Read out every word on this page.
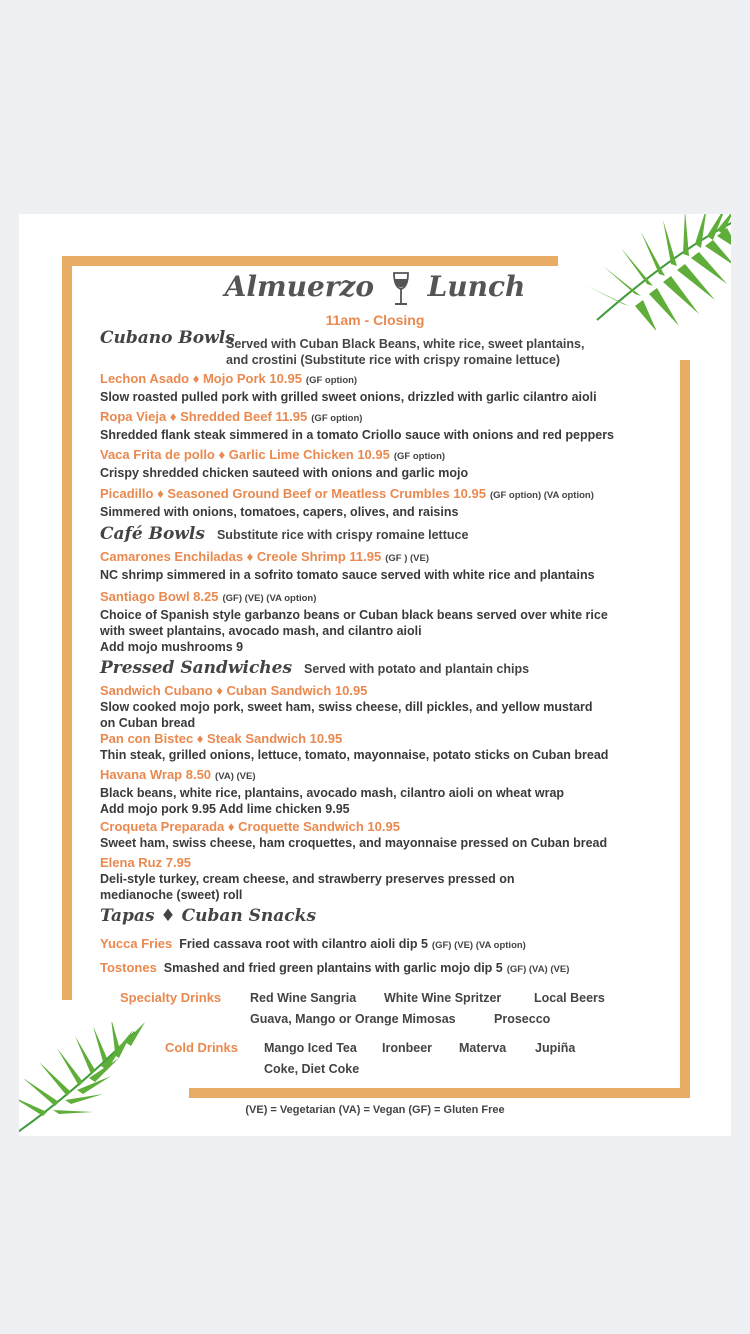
Almuerzo Lunch
11am - Closing
Cubano Bowls
Served with Cuban Black Beans, white rice, sweet plantains,
and crostini (Substitute rice with crispy romaine lettuce)
Lechon Asado ♦ Mojo Pork 10.95 (GF option)
Slow roasted pulled pork with grilled sweet onions, drizzled with garlic cilantro aioli
Ropa Vieja ♦ Shredded Beef 11.95 (GF option)
Shredded flank steak simmered in a tomato Criollo sauce with onions and red peppers
Vaca Frita de pollo ♦ Garlic Lime Chicken 10.95 (GF option)
Crispy shredded chicken sauteed with onions and garlic mojo
Picadillo ♦ Seasoned Ground Beef or Meatless Crumbles 10.95 (GF option) (VA option)
Simmered with onions, tomatoes, capers, olives, and raisins
Café Bowls Substitute rice with crispy romaine lettuce
Camarones Enchiladas ♦ Creole Shrimp 11.95 (GF ) (VE)
NC shrimp simmered in a sofrito tomato sauce served with white rice and plantains
Santiago Bowl 8.25 (GF) (VE) (VA option)
Choice of Spanish style garbanzo beans or Cuban black beans served over white rice
with sweet plantains, avocado mash, and cilantro aioli
Add mojo mushrooms 9
Pressed Sandwiches Served with potato and plantain chips
Sandwich Cubano ♦ Cuban Sandwich 10.95
Slow cooked mojo pork, sweet ham, swiss cheese, dill pickles, and yellow mustard
on Cuban bread
Pan con Bistec ♦ Steak Sandwich 10.95
Thin steak, grilled onions, lettuce, tomato, mayonnaise, potato sticks on Cuban bread
Havana Wrap 8.50 (VA) (VE)
Black beans, white rice, plantains, avocado mash, cilantro aioli on wheat wrap
Add mojo pork 9.95 Add lime chicken 9.95
Croqueta Preparada ♦ Croquette Sandwich 10.95
Sweet ham, swiss cheese, ham croquettes, and mayonnaise pressed on Cuban bread
Elena Ruz 7.95
Deli-style turkey, cream cheese, and strawberry preserves pressed on
medianoche (sweet) roll
Tapas ♦ Cuban Snacks
Yucca Fries Fried cassava root with cilantro aioli dip 5 (GF) (VE) (VA option)
Tostones Smashed and fried green plantains with garlic mojo dip 5 (GF) (VA) (VE)
Specialty Drinks Red Wine Sangria White Wine Spritzer	Local Beers
Guava, Mango or Orange Mimosas	Prosecco
Cold Drinks Mango Iced Tea Ironbeer Materva Jupiña
Coke, Diet Coke
(VE) = Vegetarian (VA) = Vegan (GF) = Gluten Free
